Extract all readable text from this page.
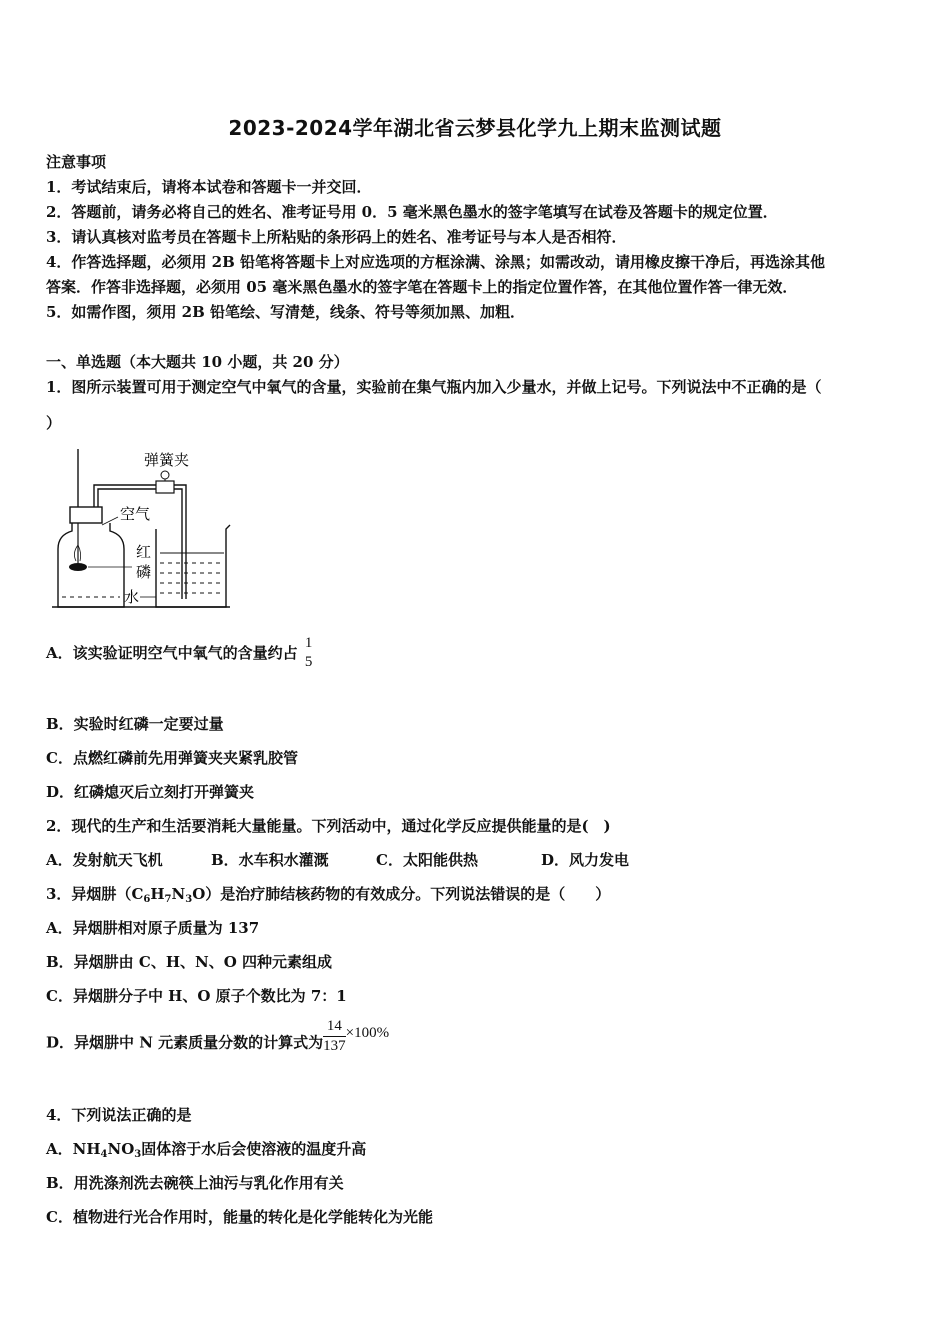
2023-2024学年湖北省云梦县化学九上期末监测试题
注意事项
1．考试结束后，请将本试卷和答题卡一并交回．
2．答题前，请务必将自己的姓名、准考证号用 0．5 毫米黑色墨水的签字笔填写在试卷及答题卡的规定位置．
3．请认真核对监考员在答题卡上所粘贴的条形码上的姓名、准考证号与本人是否相符．
4．作答选择题，必须用 2B 铅笔将答题卡上对应选项的方框涂满、涂黑；如需改动，请用橡皮擦干净后，再选涂其他
答案．作答非选择题，必须用 05 毫米黑色墨水的签字笔在答题卡上的指定位置作答，在其他位置作答一律无效．
5．如需作图，须用 2B 铅笔绘、写清楚，线条、符号等须加黑、加粗．
一、单选题（本大题共 10 小题，共 20 分）
1．图所示装置可用于测定空气中氧气的含量，实验前在集气瓶内加入少量水，并做上记号。下列说法中不正确的是（
）
弹簧夹
空气
红
磷
水
A．该实验证明空气中氧气的含量约占
1
5
B．实验时红磷一定要过量
C．点燃红磷前先用弹簧夹夹紧乳胶管
D．红磷熄灭后立刻打开弹簧夹
2．现代的生产和生活要消耗大量能量。下列活动中，通过化学反应提供能量的是(　)
A．发射航天飞机	B．水车积水灌溉	C．太阳能供热	D．风力发电
3．异烟肼$(C_6H_7N_3O)$是治疗肺结核药物的有效成分。下列说法错误的是（　　）
A．异烟肼相对原子质量为 137
B．异烟肼由 C、H、N、O 四种元素组成
C．异烟肼分子中 H、O 原子个数比为 7：1
D．异烟肼中 N 元素质量分数的计算式为 $\frac{14}{137} \times 100\%$
4．下列说法正确的是
A．$NH_4NO_3$固体溶于水后会使溶液的温度升高
B．用洗涤剂洗去碗筷上油污与乳化作用有关
C．植物进行光合作用时，能量的转化是化学能转化为光能
